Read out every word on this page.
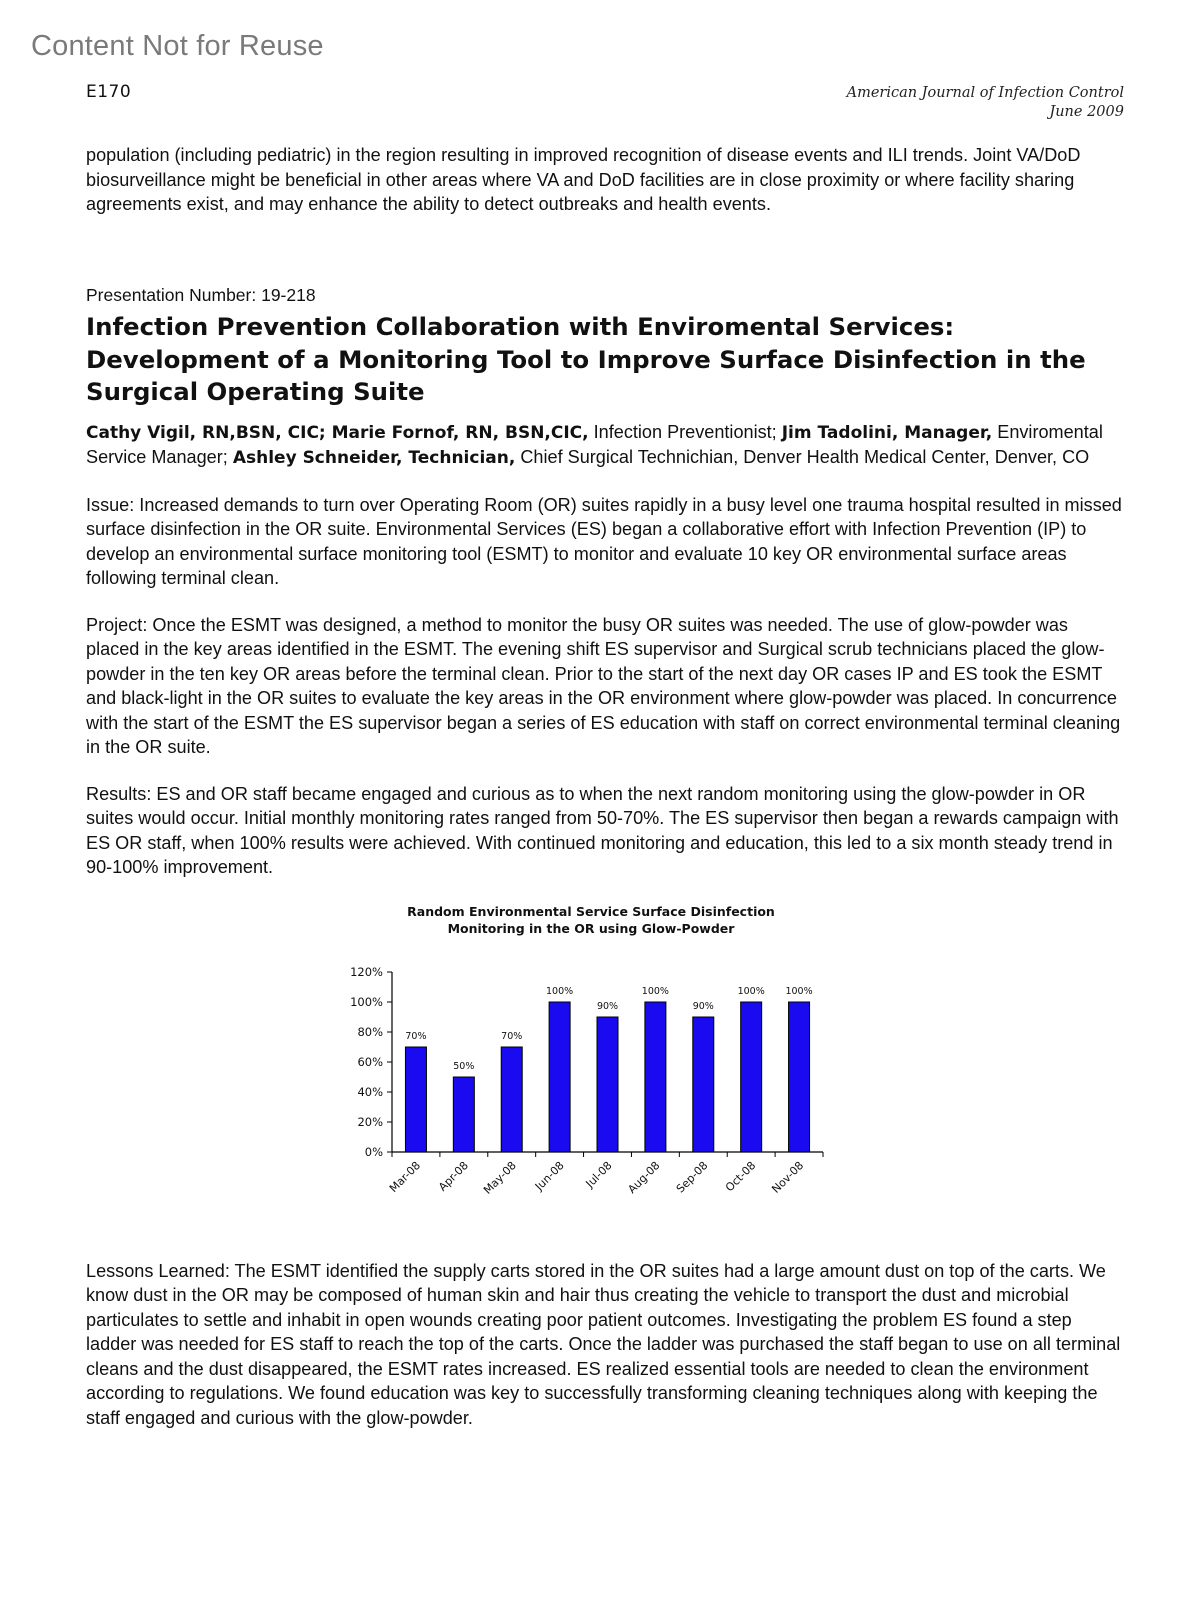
Content Not for Reuse
E170	American Journal of Infection Control
June 2009

population (including pediatric) in the region resulting in improved recognition of disease events and ILI trends. Joint VA/DoD biosurveillance might be beneficial in other areas where VA and DoD facilities are in close proximity or where facility sharing agreements exist, and may enhance the ability to detect outbreaks and health events.

Presentation Number: 19-218

Infection Prevention Collaboration with Enviromental Services: Development of a Monitoring Tool to Improve Surface Disinfection in the Surgical Operating Suite

Cathy Vigil, RN,BSN, CIC; Marie Fornof, RN, BSN,CIC, Infection Preventionist; Jim Tadolini, Manager, Enviromental Service Manager; Ashley Schneider, Technician, Chief Surgical Technichian, Denver Health Medical Center, Denver, CO

Issue: Increased demands to turn over Operating Room (OR) suites rapidly in a busy level one trauma hospital resulted in missed surface disinfection in the OR suite. Environmental Services (ES) began a collaborative effort with Infection Prevention (IP) to develop an environmental surface monitoring tool (ESMT) to monitor and evaluate 10 key OR environmental surface areas following terminal clean.

Project: Once the ESMT was designed, a method to monitor the busy OR suites was needed. The use of glow-powder was placed in the key areas identified in the ESMT. The evening shift ES supervisor and Surgical scrub technicians placed the glow-powder in the ten key OR areas before the terminal clean. Prior to the start of the next day OR cases IP and ES took the ESMT and black-light in the OR suites to evaluate the key areas in the OR environment where glow-powder was placed. In concurrence with the start of the ESMT the ES supervisor began a series of ES education with staff on correct environmental terminal cleaning in the OR suite.

Results: ES and OR staff became engaged and curious as to when the next random monitoring using the glow-powder in OR suites would occur. Initial monthly monitoring rates ranged from 50-70%. The ES supervisor then began a rewards campaign with ES OR staff, when 100% results were achieved. With continued monitoring and education, this led to a six month steady trend in 90-100% improvement.

Random Environmental Service Surface Disinfection
Monitoring in the OR using Glow-Powder
0%
20%
40%
60%
80%
100%
120%
70%
Mar-08
50%
Apr-08
70%
May-08
100%
Jun-08
90%
Jul-08
100%
Aug-08
90%
Sep-08
100%
Oct-08
100%
Nov-08

Lessons Learned: The ESMT identified the supply carts stored in the OR suites had a large amount dust on top of the carts. We know dust in the OR may be composed of human skin and hair thus creating the vehicle to transport the dust and microbial particulates to settle and inhabit in open wounds creating poor patient outcomes. Investigating the problem ES found a step ladder was needed for ES staff to reach the top of the carts. Once the ladder was purchased the staff began to use on all terminal cleans and the dust disappeared, the ESMT rates increased. ES realized essential tools are needed to clean the environment according to regulations. We found education was key to successfully transforming cleaning techniques along with keeping the staff engaged and curious with the glow-powder.
